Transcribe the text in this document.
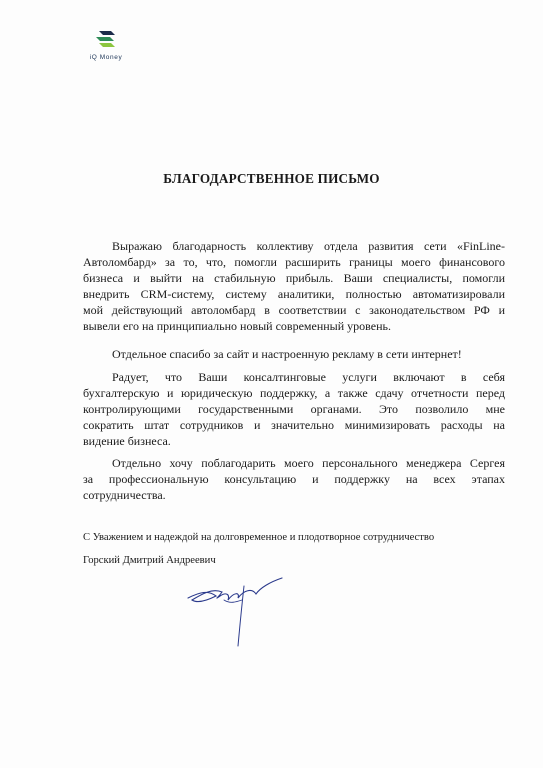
iQ Money
БЛАГОДАРСТВЕННОЕ ПИСЬМО
Выражаю благодарность коллективу отдела развития сети «FinLine-
Автоломбард» за то, что, помогли расширить границы моего финансового
бизнеса и выйти на стабильную прибыль. Ваши специалисты, помогли
внедрить CRM-систему, систему аналитики, полностью автоматизировали
мой действующий автоломбард в соответствии с законодательством РФ и
вывели его на принципиально новый современный уровень.
Отдельное спасибо за сайт и настроенную рекламу в сети интернет!
Радует, что Ваши консалтинговые услуги включают в себя
бухгалтерскую и юридическую поддержку, а также сдачу отчетности перед
контролирующими государственными органами. Это позволило мне
сократить штат сотрудников и значительно минимизировать расходы на
видение бизнеса.
Отдельно хочу поблагодарить моего персонального менеджера Сергея
за профессиональную консультацию и поддержку на всех этапах
сотрудничества.
С Уважением и надеждой на долговременное и плодотворное сотрудничество
Горский Дмитрий Андреевич
